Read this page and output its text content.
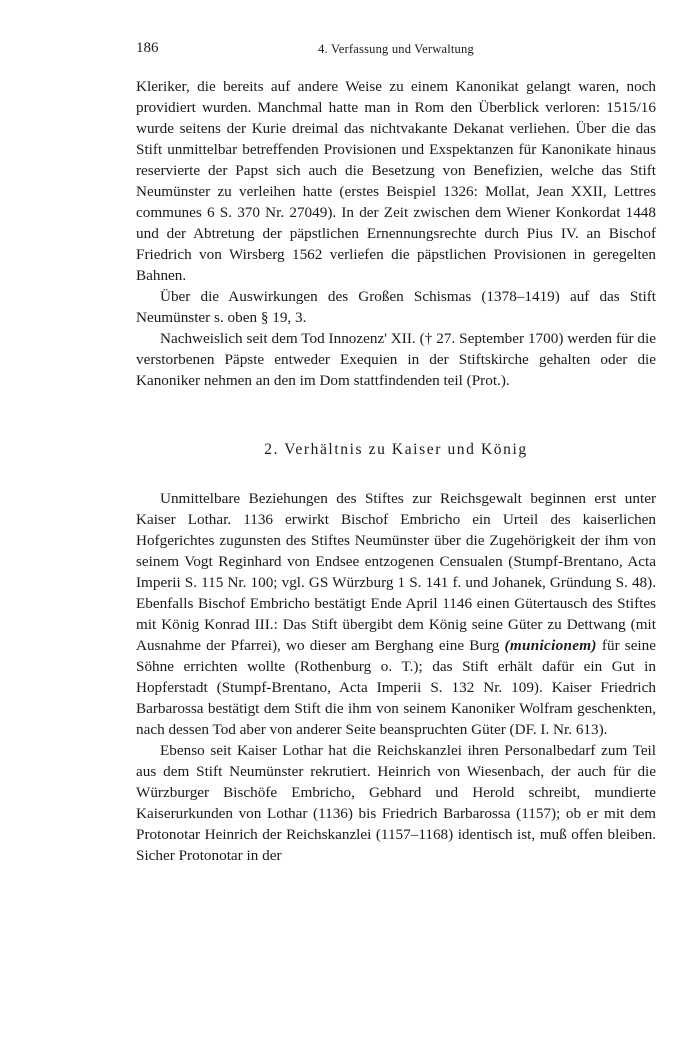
186	4. Verfassung und Verwaltung

Kleriker, die bereits auf andere Weise zu einem Kanonikat gelangt waren, noch providiert wurden. Manchmal hatte man in Rom den Überblick verloren: 1515/16 wurde seitens der Kurie dreimal das nichtvakante Dekanat verliehen. Über die das Stift unmittelbar betreffenden Provisionen und Exspektanzen für Kanonikate hinaus reservierte der Papst sich auch die Besetzung von Benefizien, welche das Stift Neumünster zu verleihen hatte (erstes Beispiel 1326: Mollat, Jean XXII, Lettres communes 6 S. 370 Nr. 27049). In der Zeit zwischen dem Wiener Konkordat 1448 und der Abtretung der päpstlichen Ernennungsrechte durch Pius IV. an Bischof Friedrich von Wirsberg 1562 verliefen die päpstlichen Provisionen in geregelten Bahnen.

Über die Auswirkungen des Großen Schismas (1378–1419) auf das Stift Neumünster s. oben § 19, 3.

Nachweislich seit dem Tod Innozenz' XII. († 27. September 1700) werden für die verstorbenen Päpste entweder Exequien in der Stiftskirche gehalten oder die Kanoniker nehmen an den im Dom stattfindenden teil (Prot.).

2. Verhältnis zu Kaiser und König

Unmittelbare Beziehungen des Stiftes zur Reichsgewalt beginnen erst unter Kaiser Lothar. 1136 erwirkt Bischof Embricho ein Urteil des kaiserlichen Hofgerichtes zugunsten des Stiftes Neumünster über die Zugehörigkeit der ihm von seinem Vogt Reginhard von Endsee entzogenen Censualen (Stumpf-Brentano, Acta Imperii S. 115 Nr. 100; vgl. GS Würzburg 1 S. 141 f. und Johanek, Gründung S. 48). Ebenfalls Bischof Embricho bestätigt Ende April 1146 einen Gütertausch des Stiftes mit König Konrad III.: Das Stift übergibt dem König seine Güter zu Dettwang (mit Ausnahme der Pfarrei), wo dieser am Berghang eine Burg (municionem) für seine Söhne errichten wollte (Rothenburg o. T.); das Stift erhält dafür ein Gut in Hopferstadt (Stumpf-Brentano, Acta Imperii S. 132 Nr. 109). Kaiser Friedrich Barbarossa bestätigt dem Stift die ihm von seinem Kanoniker Wolfram geschenkten, nach dessen Tod aber von anderer Seite beanspruchten Güter (DF. I. Nr. 613).

Ebenso seit Kaiser Lothar hat die Reichskanzlei ihren Personalbedarf zum Teil aus dem Stift Neumünster rekrutiert. Heinrich von Wiesenbach, der auch für die Würzburger Bischöfe Embricho, Gebhard und Herold schreibt, mundierte Kaiserurkunden von Lothar (1136) bis Friedrich Barbarossa (1157); ob er mit dem Protonotar Heinrich der Reichskanzlei (1157–1168) identisch ist, muß offen bleiben. Sicher Protonotar in der
